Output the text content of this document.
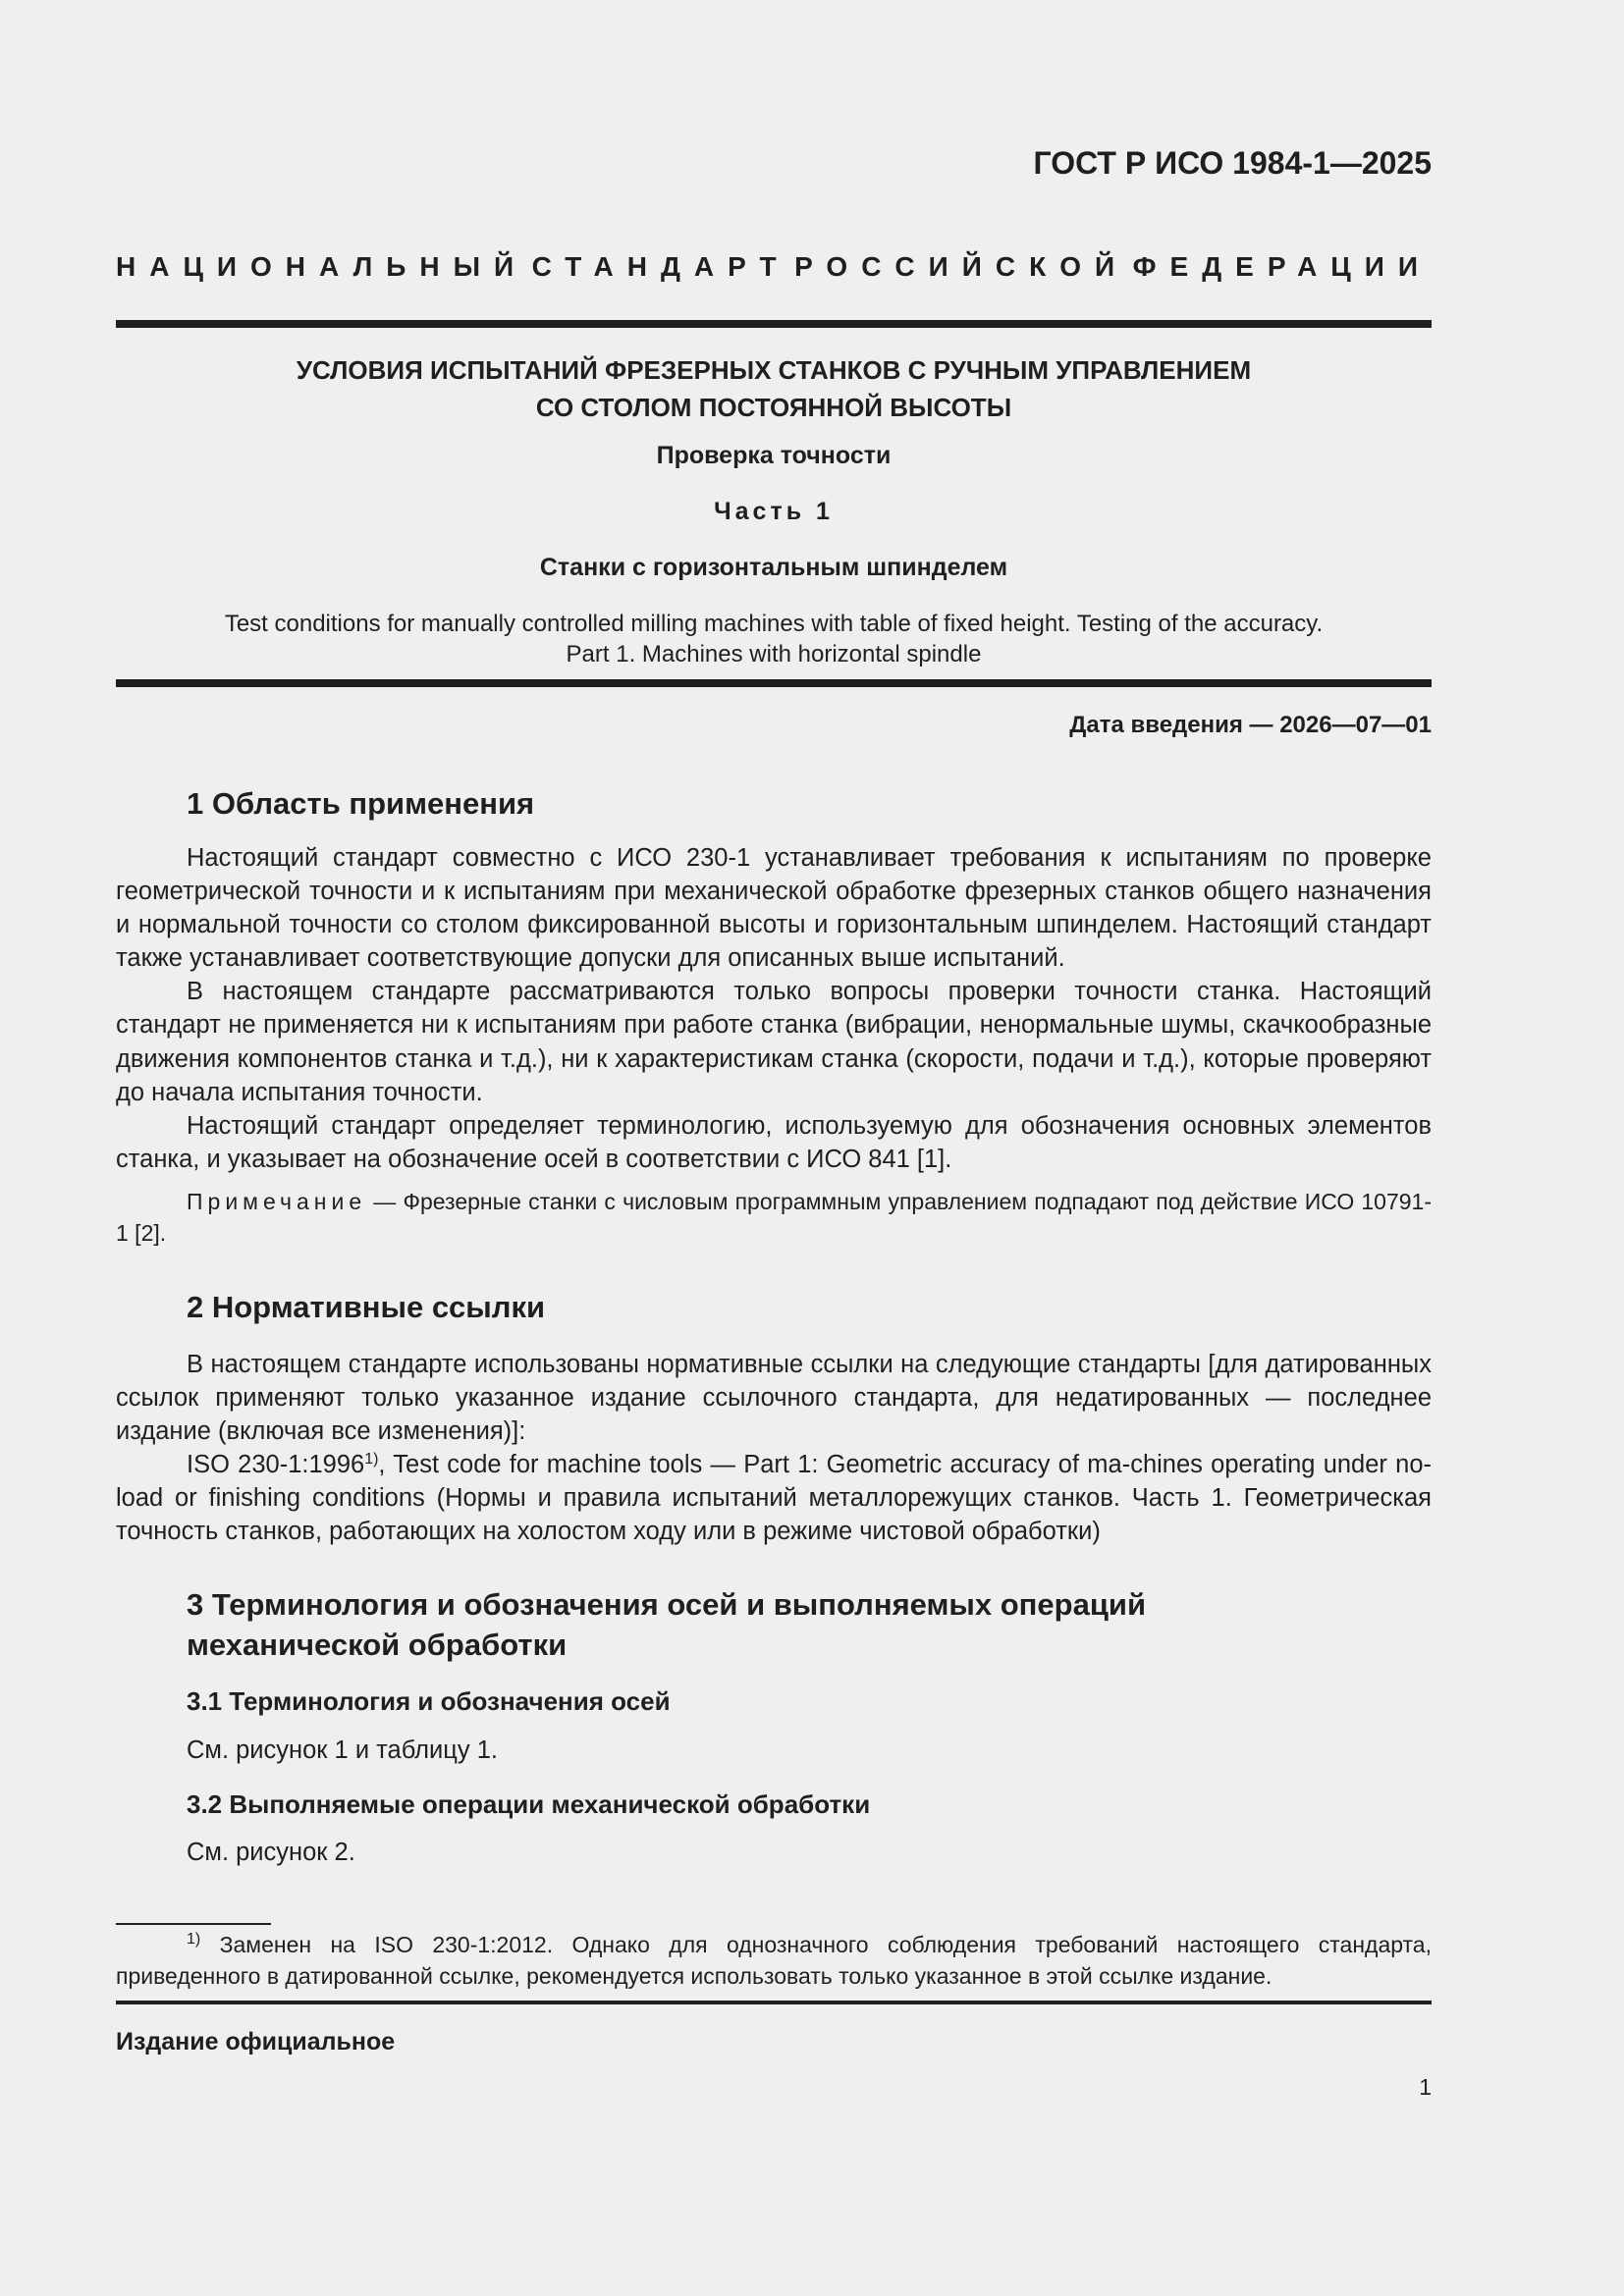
ГОСТ Р ИСО 1984-1—2025
НАЦИОНАЛЬНЫЙ СТАНДАРТ РОССИЙСКОЙ ФЕДЕРАЦИИ
УСЛОВИЯ ИСПЫТАНИЙ ФРЕЗЕРНЫХ СТАНКОВ С РУЧНЫМ УПРАВЛЕНИЕМ
СО СТОЛОМ ПОСТОЯННОЙ ВЫСОТЫ
Проверка точности
Часть 1
Станки с горизонтальным шпинделем
Test conditions for manually controlled milling machines with table of fixed height. Testing of the accuracy.
Part 1. Machines with horizontal spindle
Дата введения — 2026—07—01
1 Область применения

Настоящий стандарт совместно с ИСО 230-1 устанавливает требования к испытаниям по проверке геометрической точности и к испытаниям при механической обработке фрезерных станков общего назначения и нормальной точности со столом фиксированной высоты и горизонтальным шпинделем. Настоящий стандарт также устанавливает соответствующие допуски для описанных выше испытаний.

В настоящем стандарте рассматриваются только вопросы проверки точности станка. Настоящий стандарт не применяется ни к испытаниям при работе станка (вибрации, ненормальные шумы, скачкообразные движения компонентов станка и т.д.), ни к характеристикам станка (скорости, подачи и т.д.), которые проверяют до начала испытания точности.

Настоящий стандарт определяет терминологию, используемую для обозначения основных элементов станка, и указывает на обозначение осей в соответствии с ИСО 841 [1].

Примечание — Фрезерные станки с числовым программным управлением подпадают под действие ИСО 10791-1 [2].

2 Нормативные ссылки

В настоящем стандарте использованы нормативные ссылки на следующие стандарты [для датированных ссылок применяют только указанное издание ссылочного стандарта, для недатированных — последнее издание (включая все изменения)]:

ISO 230-1:1996$^{1)}$, Test code for machine tools — Part 1: Geometric accuracy of ma-chines operating under no-load or finishing conditions (Нормы и правила испытаний металлорежущих станков. Часть 1. Геометрическая точность станков, работающих на холостом ходу или в режиме чистовой обработки)

3 Терминология и обозначения осей и выполняемых операций
механической обработки
3.1 Терминология и обозначения осей
См. рисунок 1 и таблицу 1.
3.2 Выполняемые операции механической обработки
См. рисунок 2.

$^{1)}$ Заменен на ISO 230-1:2012. Однако для однозначного соблюдения требований настоящего стандарта, приведенного в датированной ссылке, рекомендуется использовать только указанное в этой ссылке издание.

Издание официальное
1
